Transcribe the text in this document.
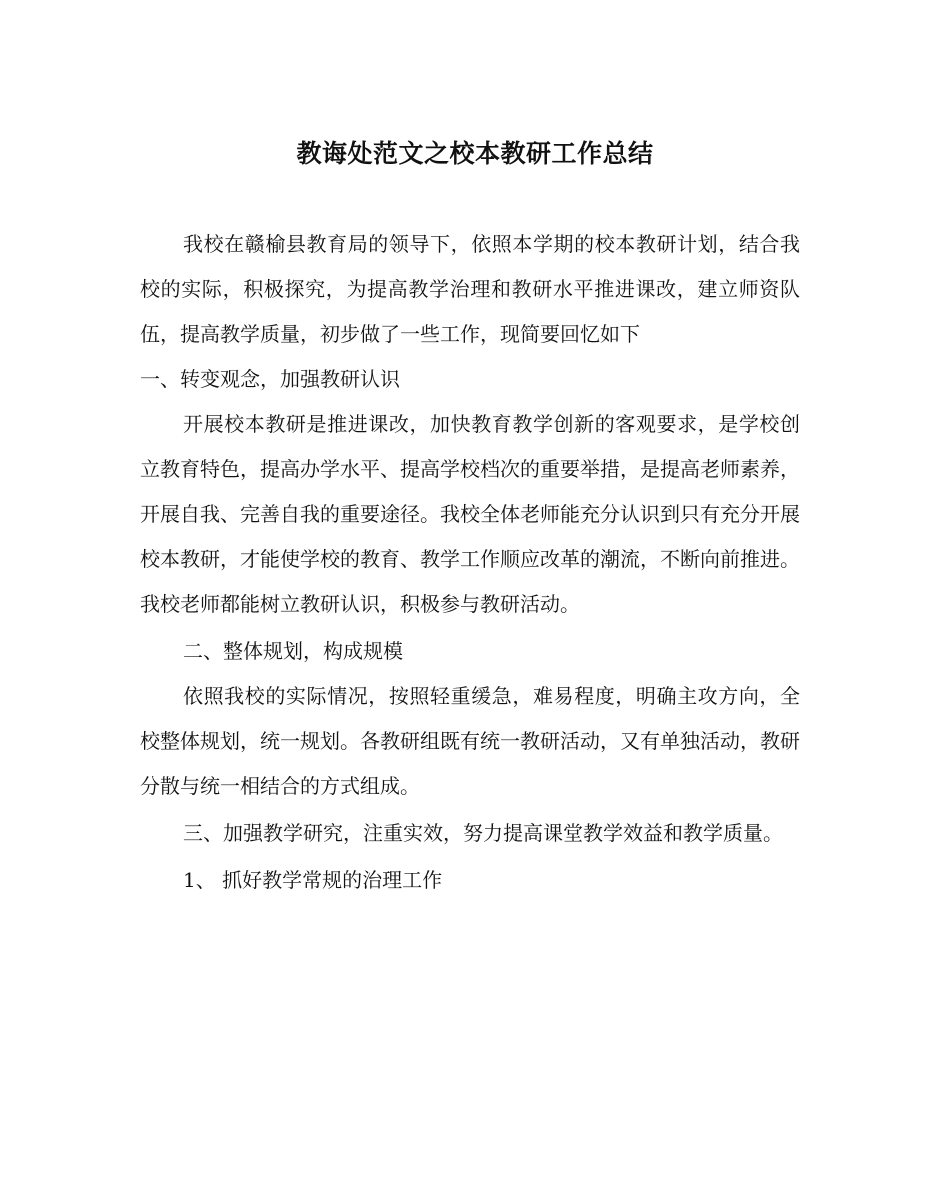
教诲处范文之校本教研工作总结

我校在赣榆县教育局的领导下，依照本学期的校本教研计划，结合我校的实际，积极探究，为提高教学治理和教研水平推进课改，建立师资队伍，提高教学质量，初步做了一些工作，现简要回忆如下

一、转变观念，加强教研认识

开展校本教研是推进课改，加快教育教学创新的客观要求，是学校创立教育特色，提高办学水平、提高学校档次的重要举措，是提高老师素养，开展自我、完善自我的重要途径。我校全体老师能充分认识到只有充分开展校本教研，才能使学校的教育、教学工作顺应改革的潮流，不断向前推进。我校老师都能树立教研认识，积极参与教研活动。

二、整体规划，构成规模

依照我校的实际情况，按照轻重缓急，难易程度，明确主攻方向，全校整体规划，统一规划。各教研组既有统一教研活动，又有单独活动，教研分散与统一相结合的方式组成。

三、加强教学研究，注重实效，努力提高课堂教学效益和教学质量。

1、 抓好教学常规的治理工作
